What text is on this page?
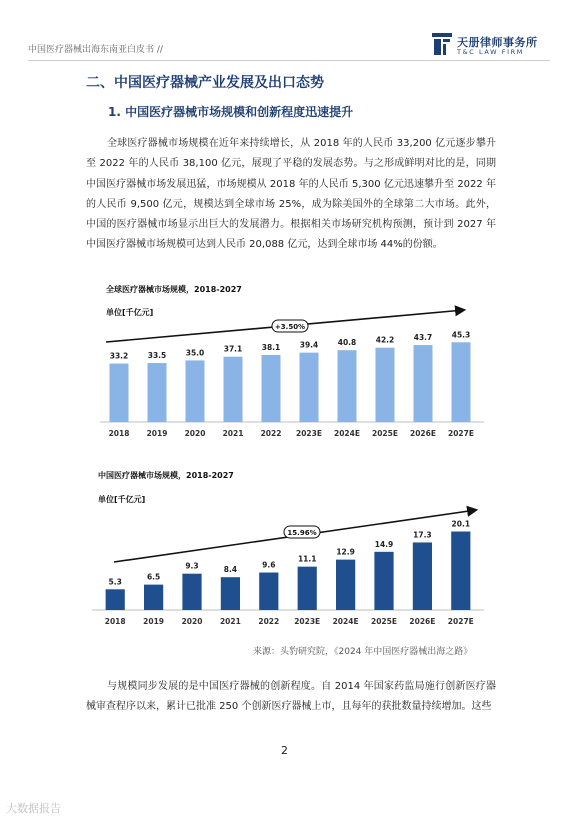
中国医疗器械出海东南亚白皮书 //
天册律师事务所
T&C LAW FIRM
二、中国医疗器械产业发展及出口态势
1. 中国医疗器械市场规模和创新程度迅速提升

全球医疗器械市场规模在近年来持续增长，从 2018 年的人民币 33,200 亿元逐步攀升至 2022 年的人民币 38,100 亿元，展现了平稳的发展态势。与之形成鲜明对比的是，同期中国医疗器械市场发展迅猛，市场规模从 2018 年的人民币 5,300 亿元迅速攀升至 2022 年的人民币 9,500 亿元，规模达到全球市场 25%，成为除美国外的全球第二大市场。此外，中国的医疗器械市场显示出巨大的发展潜力。根据相关市场研究机构预测，预计到 2027 年中国医疗器械市场规模可达到人民币 20,088 亿元，达到全球市场 44%的份额。

全球医疗器械市场规模，2018-2027
单位[千亿元]
33.2
2018
33.5
2019
35.0
2020
37.1
2021
38.1
2022
39.4
2023E
40.8
2024E
42.2
2025E
43.7
2026E
45.3
2027E
+3.50%
中国医疗器械市场规模，2018-2027
单位[千亿元]
5.3
2018
6.5
2019
9.3
2020
8.4
2021
9.6
2022
11.1
2023E
12.9
2024E
14.9
2025E
17.3
2026E
20.1
2027E
15.96%
来源：头豹研究院，《2024 年中国医疗器械出海之路》

与规模同步发展的是中国医疗器械的创新程度。自 2014 年国家药监局施行创新医疗器械审查程序以来，累计已批准 250 个创新医疗器械上市，且每年的获批数量持续增加。这些

2
大数据报告
